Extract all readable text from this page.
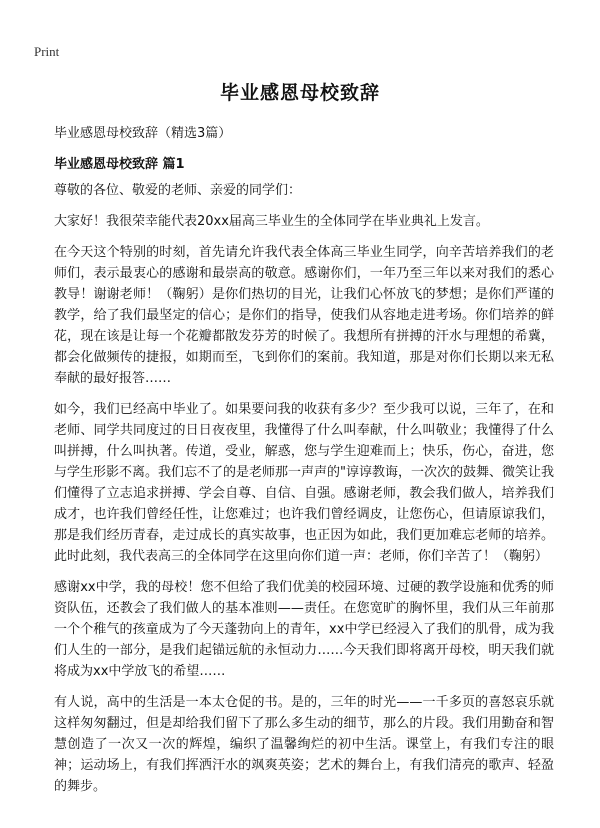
Print
毕业感恩母校致辞
毕业感恩母校致辞（精选3篇）
毕业感恩母校致辞 篇1

尊敬的各位、敬爱的老师、亲爱的同学们：

大家好！我很荣幸能代表20xx届高三毕业生的全体同学在毕业典礼上发言。

在今天这个特别的时刻，首先请允许我代表全体高三毕业生同学，向辛苦培养我们的老师们，表示最衷心的感谢和最崇高的敬意。感谢你们，一年乃至三年以来对我们的悉心教导！谢谢老师！（鞠躬）是你们热切的目光，让我们心怀放飞的梦想；是你们严谨的教学，给了我们最坚定的信心；是你们的指导，使我们从容地走进考场。你们培养的鲜花，现在该是让每一个花瓣都散发芬芳的时候了。我想所有拼搏的汗水与理想的希冀，都会化做频传的捷报，如期而至，飞到你们的案前。我知道，那是对你们长期以来无私奉献的最好报答……

如今，我们已经高中毕业了。如果要问我的收获有多少？至少我可以说，三年了，在和老师、同学共同度过的日日夜夜里，我懂得了什么叫奉献，什么叫敬业；我懂得了什么叫拼搏，什么叫执著。传道，受业，解惑，您与学生迎难而上；快乐，伤心，奋进，您与学生形影不离。我们忘不了的是老师那一声声的"谆谆教诲，一次次的鼓舞、微笑让我们懂得了立志追求拼搏、学会自尊、自信、自强。感谢老师，教会我们做人，培养我们成才，也许我们曾经任性，让您难过；也许我们曾经调皮，让您伤心，但请原谅我们，那是我们经历青春，走过成长的真实故事，也正因为如此，我们更加难忘老师的培养。此时此刻，我代表高三的全体同学在这里向你们道一声：老师，你们辛苦了！（鞠躬）

感谢xx中学，我的母校！您不但给了我们优美的校园环境、过硬的教学设施和优秀的师资队伍，还教会了我们做人的基本准则——责任。在您宽旷的胸怀里，我们从三年前那一个个稚气的孩童成为了今天蓬勃向上的青年，xx中学已经浸入了我们的肌骨，成为我们人生的一部分，是我们起锚远航的永恒动力……今天我们即将离开母校，明天我们就将成为xx中学放飞的希望……

有人说，高中的生活是一本太仓促的书。是的，三年的时光——一千多页的喜怒哀乐就这样匆匆翻过，但是却给我们留下了那么多生动的细节，那么的片段。我们用勤奋和智慧创造了一次又一次的辉煌，编织了温馨绚烂的初中生活。课堂上，有我们专注的眼神；运动场上，有我们挥洒汗水的飒爽英姿；艺术的舞台上，有我们清亮的歌声、轻盈的舞步。
